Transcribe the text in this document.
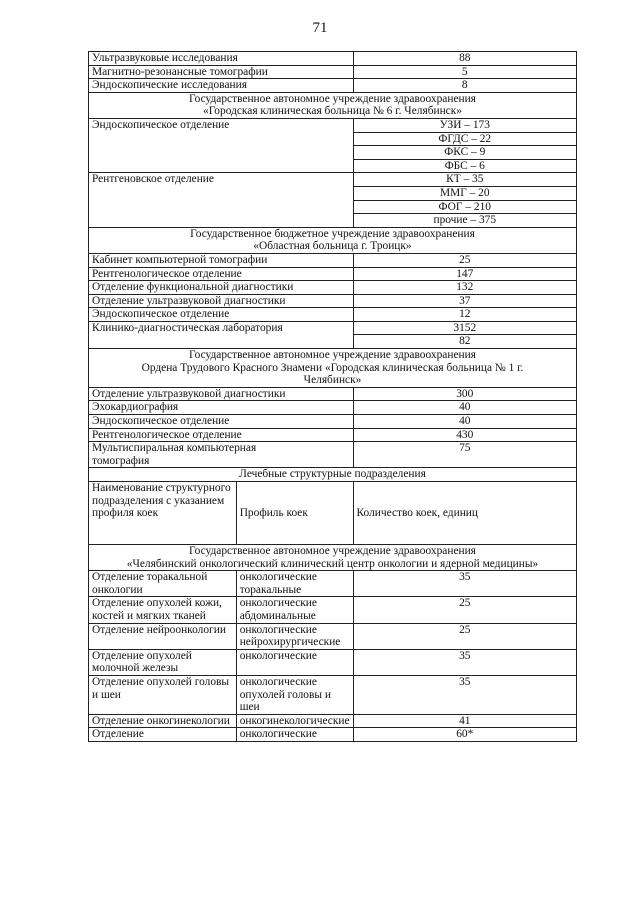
71
Ультразвуковые исследования		88
Магнитно-резонансные томографии		5
Эндоскопические исследования		8

Государственное автономное учреждение здравоохранения
«Городская клиническая больница № 6 г. Челябинск»		

Эндоскопическое отделение		УЗИ – 173
		ФГДС – 22
		ФКС – 9
		ФБС – 6
Рентгеновское отделение		КТ – 35
		ММГ – 20
		ФОГ – 210
		прочие – 375

Государственное бюджетное учреждение здравоохранения
«Областная больница г. Троицк»		

Кабинет компьютерной томографии		25
Рентгенологическое отделение		147
Отделение функциональной диагностики		132
Отделение ультразвуковой диагностики		37
Эндоскопическое отделение		12
Клинико-диагностическая лаборатория		3152
		82

Государственное автономное учреждение здравоохранения
Ордена Трудового Красного Знамени «Городская клиническая больница № 1 г.
Челябинск»		

Отделение ультразвуковой диагностики		300
Эхокардиография		40
Эндоскопическое отделение		40
Рентгенологическое отделение		430
Мультиспиральная компьютерная томография		75
Лечебные структурные подразделения		
Наименование структурного подразделения с указанием профиля коек	Профиль коек	Количество коек, единиц

Государственное автономное учреждение здравоохранения
«Челябинский онкологический клинический центр онкологии и ядерной медицины»		

Отделение торакальной онкологии	онкологические торакальные	35
Отделение опухолей кожи, костей и мягких тканей	онкологические абдоминальные	25
Отделение нейроонкологии	онкологические нейрохирургические	25
Отделение опухолей молочной железы	онкологические	35
Отделение опухолей головы и шеи	онкологические опухолей головы и шеи	35
Отделение онкогинекологии	онкогинекологические	41
Отделение	онкологические	60*
